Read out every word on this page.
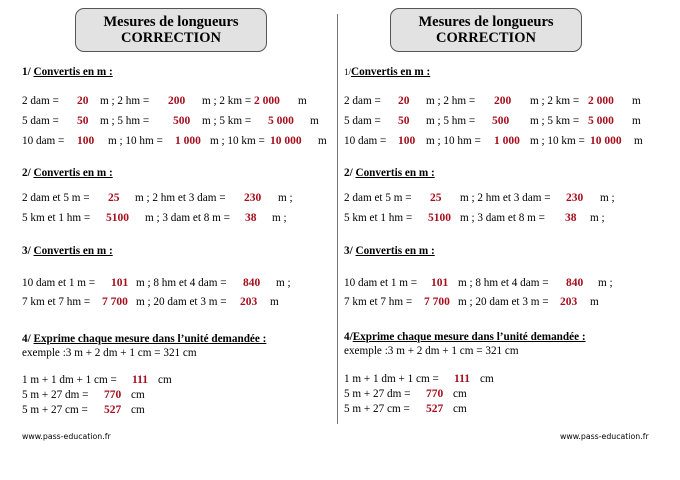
Mesures de longueurs
CORRECTION
1/ Convertis en m :
2 dam = 20 m ; 2 hm = 200 m ; 2 km = 2 000 m
5 dam = 50 m ; 5 hm = 500 m ; 5 km = 5 000 m
10 dam = 100 m ; 10 hm = 1 000 m ; 10 km = 10 000 m
2/ Convertis en m :
2 dam et 5 m = 25 m ; 2 hm et 3 dam = 230 m ;
5 km et 1 hm = 5100 m ; 3 dam et 8 m = 38 m ;
3/ Convertis en m :
10 dam et 1 m = 101 m ; 8 hm et 4 dam = 840 m ;
7 km et 7 hm = 7 700 m ; 20 dam et 3 m = 203 m
4/ Exprime chaque mesure dans l’unité demandée :
exemple :3 m + 2 dm + 1 cm = 321 cm
1 m + 1 dm + 1 cm = 111 cm
5 m + 27 dm = 770 cm
5 m + 27 cm = 527 cm
www.pass-education.fr
Mesures de longueurs
CORRECTION
1/Convertis en m :
2 dam = 20 m ; 2 hm = 200 m ; 2 km = 2 000 m
5 dam = 50 m ; 5 hm = 500 m ; 5 km = 5 000 m
10 dam = 100 m ; 10 hm = 1 000 m ; 10 km = 10 000 m
2/ Convertis en m :
2 dam et 5 m = 25 m ; 2 hm et 3 dam = 230 m ;
5 km et 1 hm = 5100 m ; 3 dam et 8 m = 38 m ;
3/ Convertis en m :
10 dam et 1 m = 101 m ; 8 hm et 4 dam = 840 m ;
7 km et 7 hm = 7 700 m ; 20 dam et 3 m = 203 m
4/Exprime chaque mesure dans l’unité demandée :
exemple :3 m + 2 dm + 1 cm = 321 cm
1 m + 1 dm + 1 cm = 111 cm
5 m + 27 dm = 770 cm
5 m + 27 cm = 527 cm
www.pass-education.fr
